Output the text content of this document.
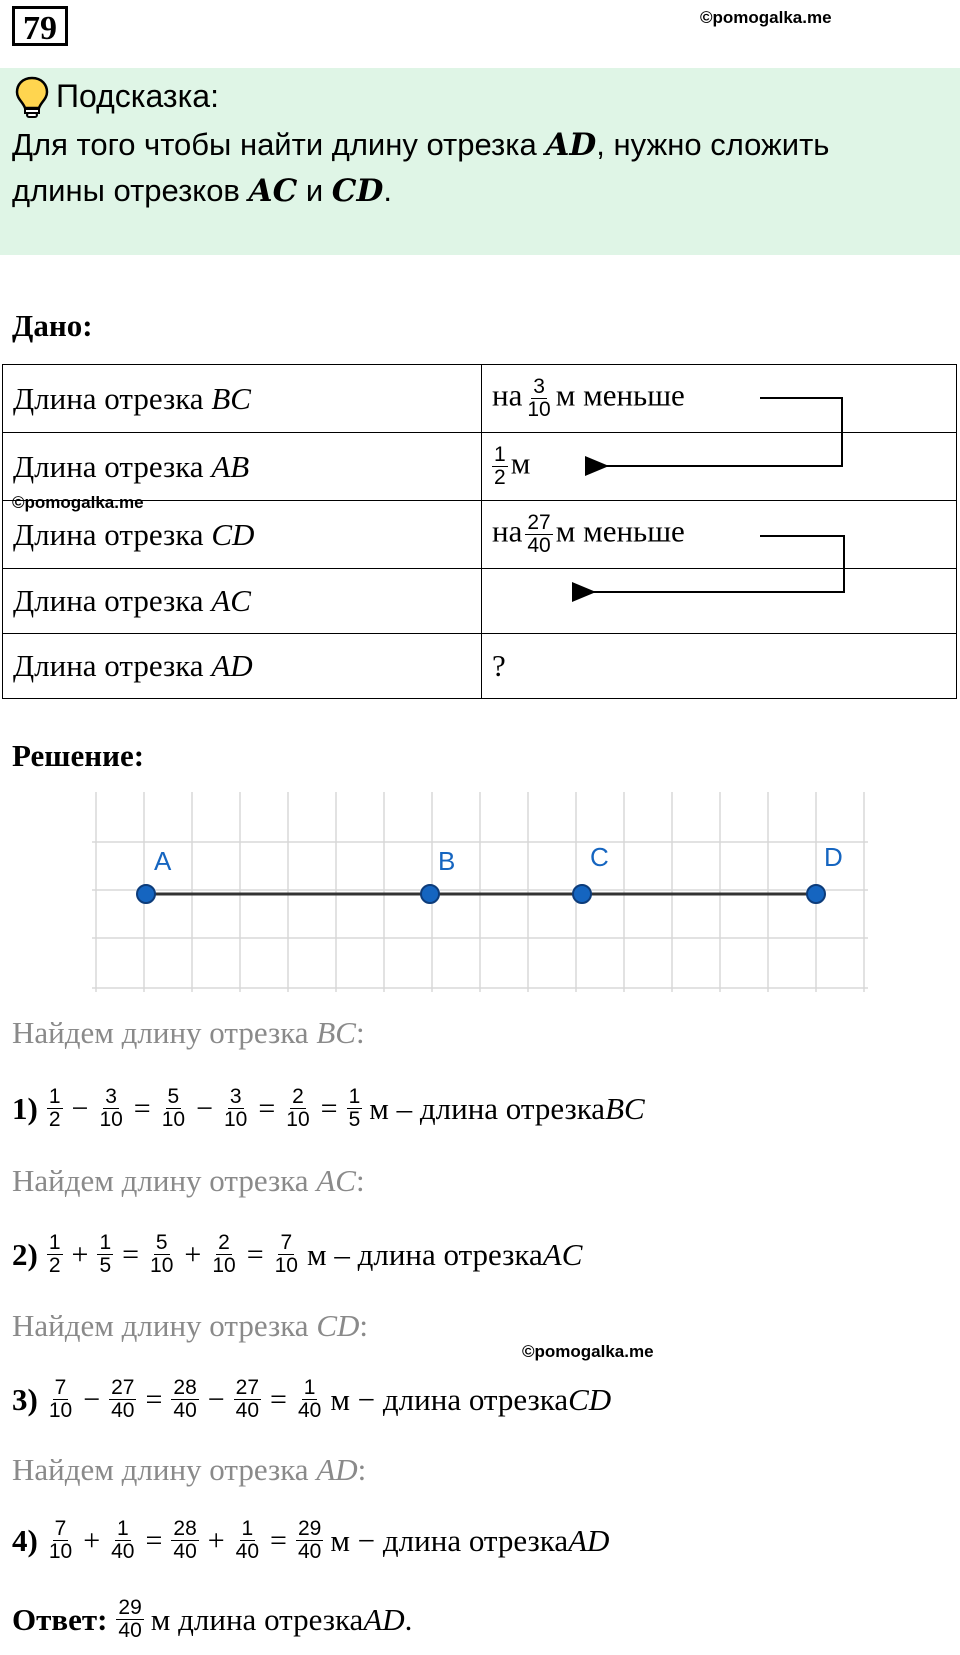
79	©pomogalka.me
Подсказка:
Для того чтобы найти длину отрезка AD, нужно сложить
длины отрезков AC и CD.
Дано:
Длина отрезка BC	на $\frac{3}{10}$ м меньше
Длина отрезка AB	$\frac{1}{2}$ м
Длина отрезка CD	на $\frac{27}{40}$ м меньше
Длина отрезка AC	
Длина отрезка AD	?
©pomogalka.me
Решение:
A	B	C	D
Найдем длину отрезка BC:
$1) \frac{1}{2} - \frac{3}{10} = \frac{5}{10} - \frac{3}{10} = \frac{2}{10} = \frac{1}{5}$ м – длина отрезка BC
Найдем длину отрезка AC:
$2) \frac{1}{2} + \frac{1}{5} = \frac{5}{10} + \frac{2}{10} = \frac{7}{10}$ м – длина отрезка AC
Найдем длину отрезка CD:
©pomogalka.me
$3) \frac{7}{10} - \frac{27}{40} = \frac{28}{40} - \frac{27}{40} = \frac{1}{40}$ м − длина отрезка CD
Найдем длину отрезка AD:
$4) \frac{7}{10} + \frac{1}{40} = \frac{28}{40} + \frac{1}{40} = \frac{29}{40}$ м − длина отрезка AD
Ответ: $\frac{29}{40}$ м длина отрезка AD .
